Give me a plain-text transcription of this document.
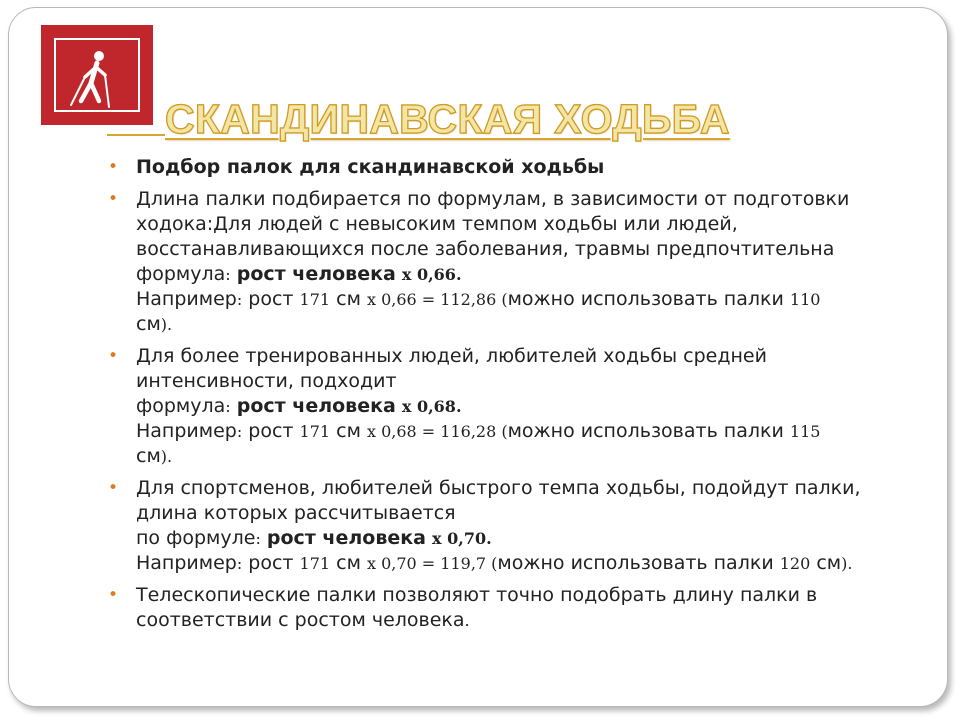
СКАНДИНАВСКАЯ ХОДЬБА
• Подбор палок для скандинавской ходьбы
• Длина палки подбирается по формулам, в зависимости от подготовки ходока:Для людей с невысоким темпом ходьбы или людей, восстанавливающихся после заболевания, травмы предпочтительна
формула: рост человека х 0,66.
Например: рост 171 см х 0,66 = 112,86 (можно использовать палки 110
см).
• Для более тренированных людей, любителей ходьбы средней интенсивности, подходит
формула: рост человека х 0,68.
Например: рост 171 см х 0,68 = 116,28 (можно использовать палки 115
см).
• Для спортсменов, любителей быстрого темпа ходьбы, подойдут палки, длина которых рассчитывается
по формуле: рост человека х 0,70.
Например: рост 171 см х 0,70 = 119,7 (можно использовать палки 120 см).
• Телескопические палки позволяют точно подобрать длину палки в соответствии с ростом человека.
